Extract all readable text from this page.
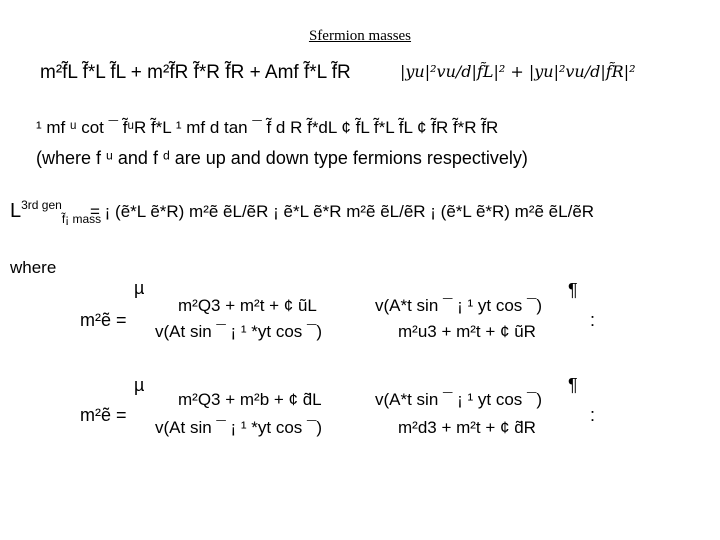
Sfermion masses
m²f̃L f̃*L f̃L + m²f̃R f̃*R f̃R + Amf f̃*L f̃R	|yu|²vu/d|f̃L|² + |yu|²vu/d|f̃R|²
¹ mf ᵘ cot ¯ f̃ᵘR f̃*L ¹ mf d tan ¯ f̃ d R f̃*dL ¢ f̃L f̃*L f̃L ¢ f̃R f̃*R f̃R
(where f ᵘ and f ᵈ are up and down type fermions respectively)
$L^{3rd gen}_{f̃¡ mass}$
= ¡ (ẽ*L ẽ*R) m²ẽ ẽL/ẽR ¡ ẽ*L ẽ*R m²ẽ ẽL/ẽR ¡ (ẽ*L ẽ*R) m²ẽ ẽL/ẽR
where
m²ẽ =
µ
m²Q3 + m²t + ¢ ũL	v(A*t sin ¯ ¡ ¹ yt cos ¯)
¶
v(At sin ¯ ¡ ¹ *yt cos ¯)	m²u3 + m²t + ¢ ũR
:
m²ẽ =
µ
m²Q3 + m²b + ¢ d̃L	v(A*t sin ¯ ¡ ¹ yt cos ¯)
¶
v(At sin ¯ ¡ ¹ *yt cos ¯)	m²d3 + m²t + ¢ d̃R
:
